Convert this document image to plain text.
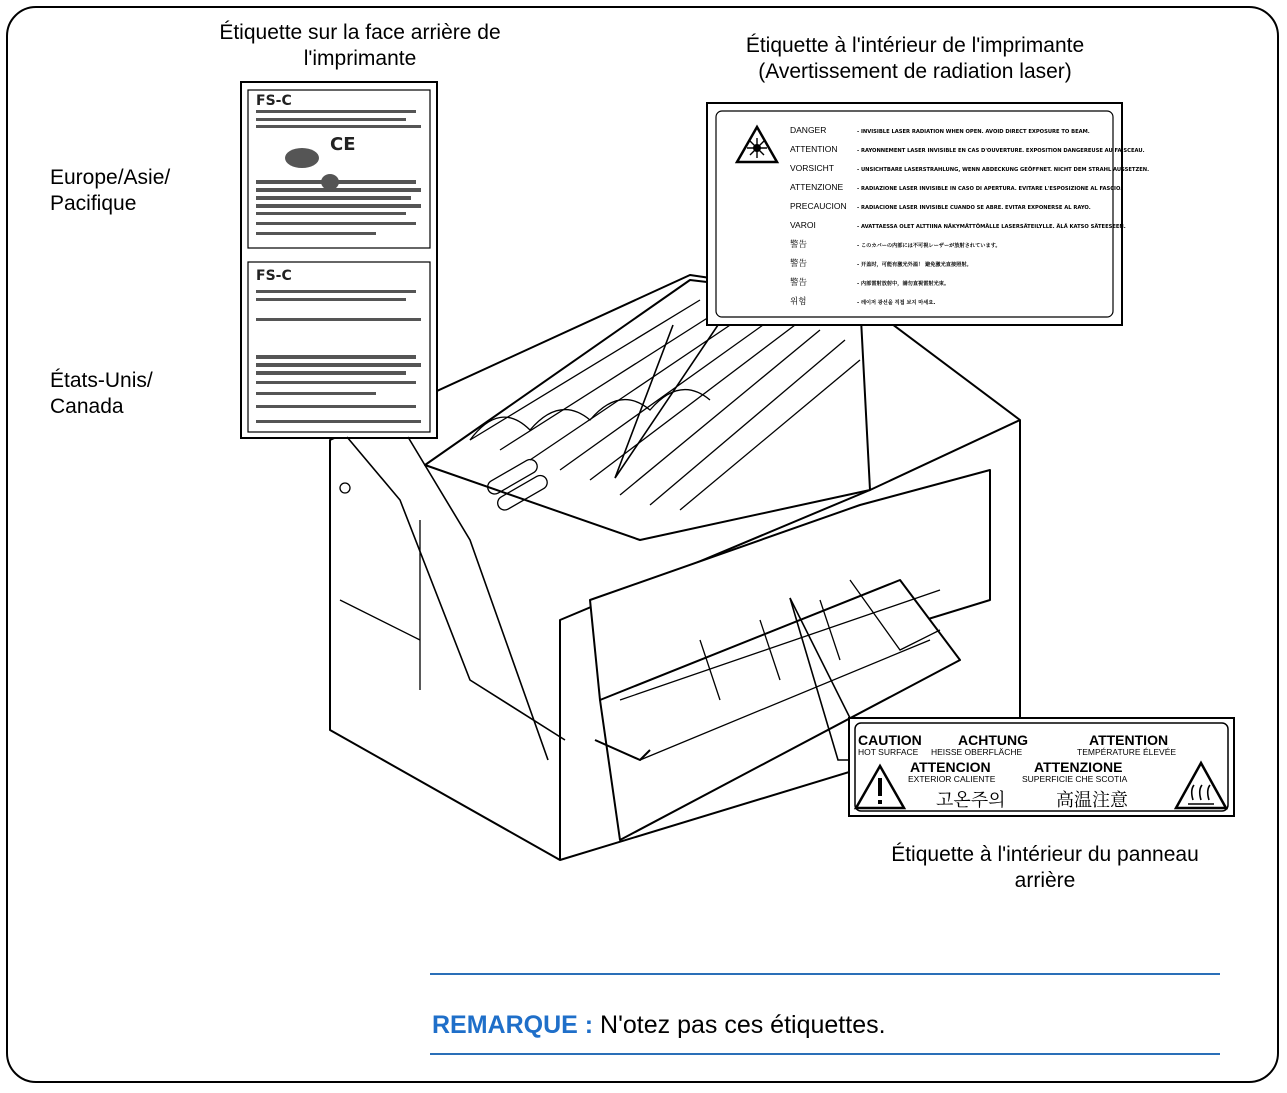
Étiquette sur la face arrière de
l'imprimante
Étiquette à l'intérieur de l'imprimante
(Avertissement de radiation laser)
Europe/Asie/
Pacifique
États-Unis/
Canada
FS-C
FS-C
CE
DANGER	- INVISIBLE LASER RADIATION WHEN OPEN. AVOID DIRECT EXPOSURE TO BEAM.
ATTENTION	- RAYONNEMENT LASER INVISIBLE EN CAS D'OUVERTURE. EXPOSITION DANGEREUSE AU FAISCEAU.
VORSICHT	- UNSICHTBARE LASERSTRAHLUNG, WENN ABDECKUNG GEÖFFNET. NICHT DEM STRAHL AUSSETZEN.
ATTENZIONE	- RADIAZIONE LASER INVISIBLE IN CASO DI APERTURA. EVITARE L'ESPOSIZIONE AL FASCIO.
PRECAUCION - RADIACIONE LASER INVISIBLE CUANDO SE ABRE. EVITAR EXPONERSE AL RAYO.
VAROI	- AVATTAESSA OLET ALTTIINA NÄKYMÄTTÖMÄLLE LASERSÄTEILYLLE. ÄLÄ KATSO SÄTEESEEN.
警告	- このカバーの内部には不可視レーザーが放射されています。
警告	- 开盖时，可能有激光外溢！ 避免激光直接照射。
警告	- 内部雷射放射中，請勿直視雷射光束。
위험	- 레이저 광선을 직접 보지 마세요.
CAUTION
HOT SURFACE
ACHTUNG
HEISSE OBERFLÄCHE
ATTENTION
TEMPÉRATURE ÉLEVÉE
ATTENCION
EXTERIOR CALIENTE
ATTENZIONE
SUPERFICIE CHE SCOTIA
고온주의	高温注意
Étiquette à l'intérieur du panneau
arrière
REMARQUE : N'otez pas ces étiquettes.
